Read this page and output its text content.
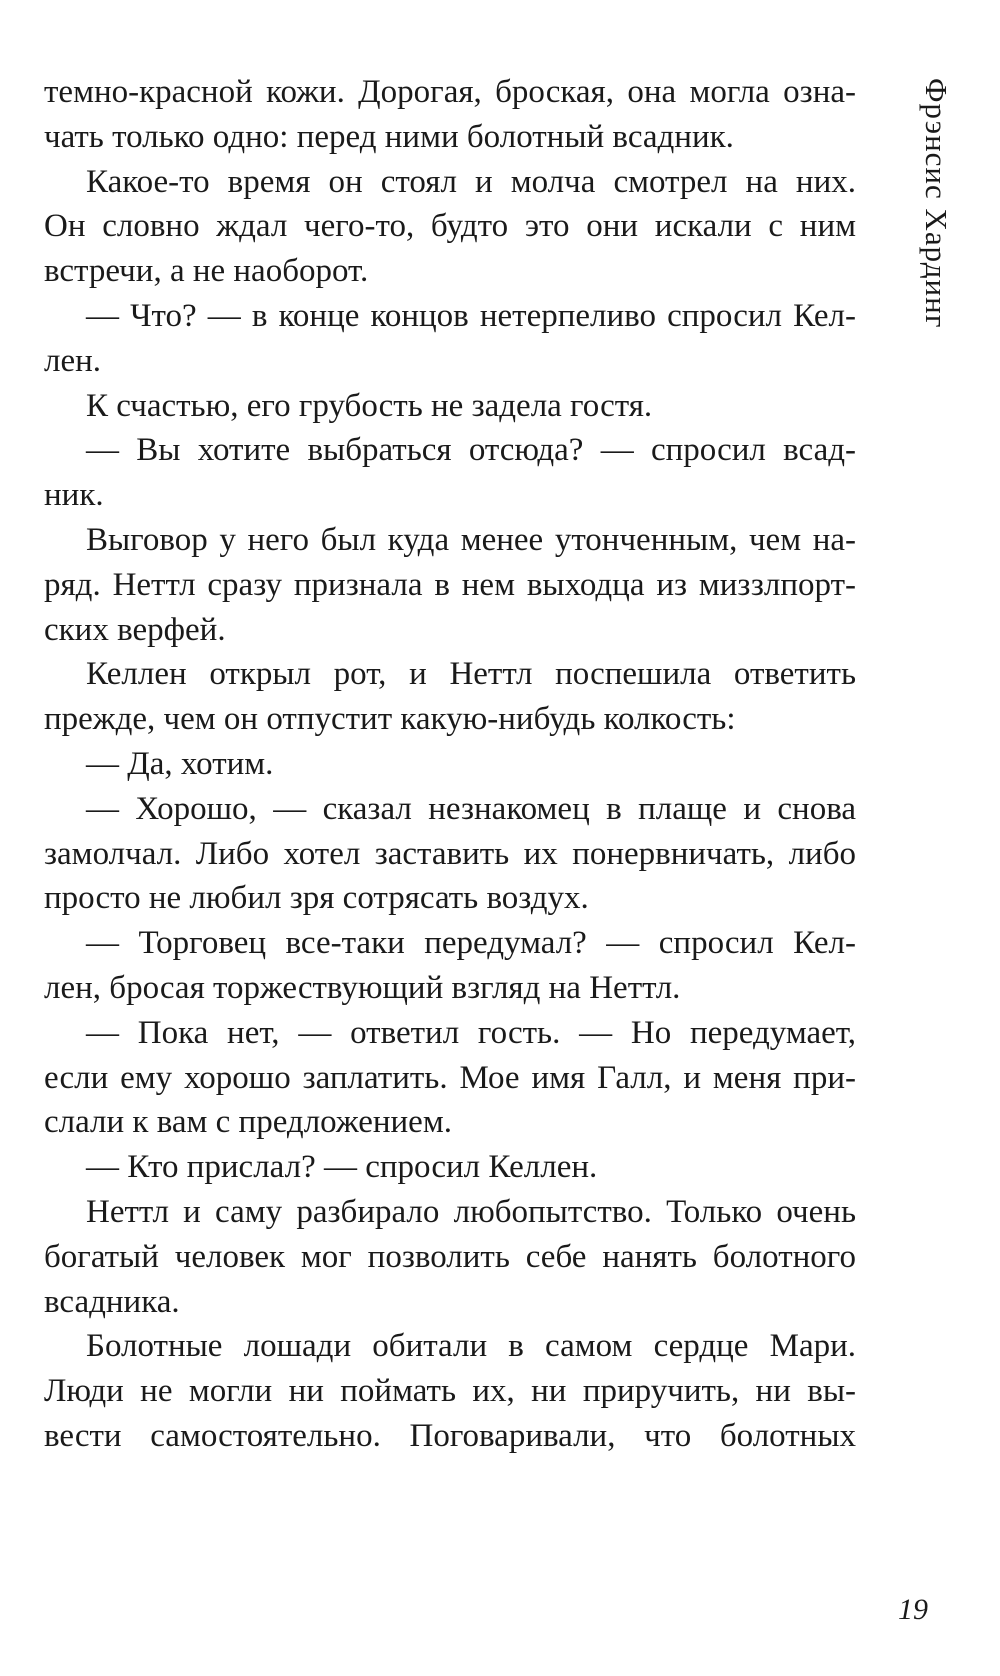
Фрэнсис Хардинг
темно-красной кожи. Дорогая, броская, она могла озна-
чать только одно: перед ними болотный всадник.
Какое-то время он стоял и молча смотрел на них.
Он словно ждал чего-то, будто это они искали с ним
встречи, а не наоборот.
— Что? — в конце концов нетерпеливо спросил Кел-
лен.
К счастью, его грубость не задела гостя.
— Вы хотите выбраться отсюда? — спросил всад-
ник.
Выговор у него был куда менее утонченным, чем на-
ряд. Неттл сразу признала в нем выходца из миззлпорт-
ских верфей.
Келлен открыл рот, и Неттл поспешила ответить
прежде, чем он отпустит какую-нибудь колкость:
— Да, хотим.
— Хорошо, — сказал незнакомец в плаще и снова
замолчал. Либо хотел заставить их понервничать, либо
просто не любил зря сотрясать воздух.
— Торговец все-таки передумал? — спросил Кел-
лен, бросая торжествующий взгляд на Неттл.
— Пока нет, — ответил гость. — Но передумает,
если ему хорошо заплатить. Мое имя Галл, и меня при-
слали к вам с предложением.
— Кто прислал? — спросил Келлен.
Неттл и саму разбирало любопытство. Только очень
богатый человек мог позволить себе нанять болотного
всадника.
Болотные лошади обитали в самом сердце Мари.
Люди не могли ни поймать их, ни приручить, ни вы-
вести самостоятельно. Поговаривали, что болотных
19
